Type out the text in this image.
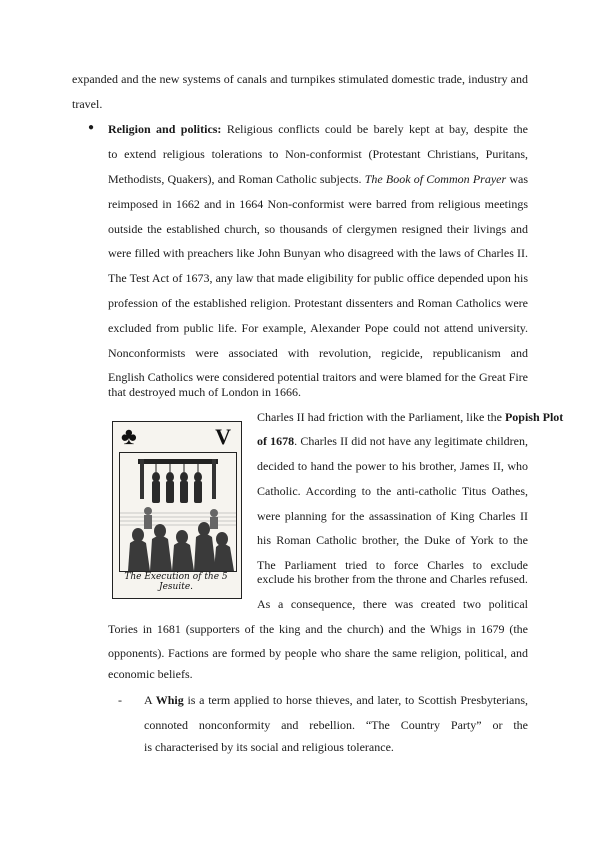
expanded and the new systems of canals and turnpikes stimulated domestic trade, industry and
travel.
● Religion and politics: Religious conflicts could be barely kept at bay, despite the
to extend religious tolerations to Non-conformist (Protestant Christians, Puritans,
Methodists, Quakers), and Roman Catholic subjects. The Book of Common Prayer was
reimposed in 1662 and in 1664 Non-conformist were barred from religious meetings
outside the established church, so thousands of clergymen resigned their livings and
were filled with preachers like John Bunyan who disagreed with the laws of Charles II.
The Test Act of 1673, any law that made eligibility for public office depended upon his
profession of the established religion. Protestant dissenters and Roman Catholics were
excluded from public life. For example, Alexander Pope could not attend university.
Nonconformists were associated with revolution, regicide, republicanism and
English Catholics were considered potential traitors and were blamed for the Great Fire
that destroyed much of London in 1666.
♣	V
The Execution of the 5
Jesuite.
Charles II had friction with the Parliament, like the Popish Plot
of 1678. Charles II did not have any legitimate children,
decided to hand the power to his brother, James II, who
Catholic. According to the anti-catholic Titus Oathes,
were planning for the assassination of King Charles II
his Roman Catholic brother, the Duke of York to the
The Parliament tried to force Charles to exclude
exclude his brother from the throne and Charles refused.
As a consequence, there was created two political
Tories in 1681 (supporters of the king and the church) and the Whigs in 1679 (the
opponents). Factions are formed by people who share the same religion, political, and
economic beliefs.
- A Whig is a term applied to horse thieves, and later, to Scottish Presbyterians,
connoted nonconformity and rebellion. “The Country Party” or the
is characterised by its social and religious tolerance.
